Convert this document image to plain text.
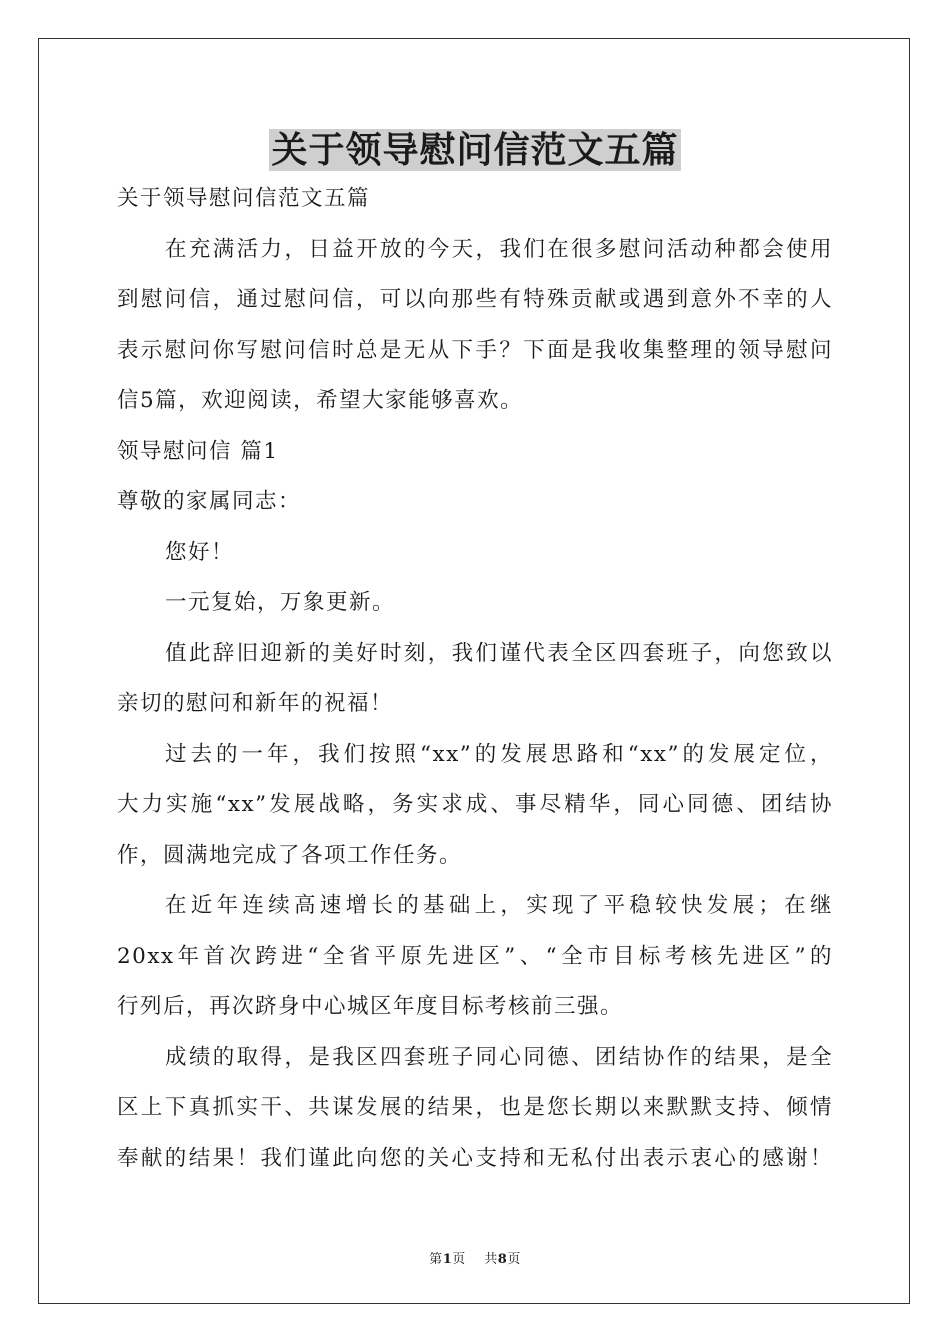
关于领导慰问信范文五篇
关于领导慰问信范文五篇
在充满活力，日益开放的今天，我们在很多慰问活动种都会使用
到慰问信，通过慰问信，可以向那些有特殊贡献或遇到意外不幸的人
表示慰问你写慰问信时总是无从下手？下面是我收集整理的领导慰问
信5篇，欢迎阅读，希望大家能够喜欢。
领导慰问信 篇1
尊敬的家属同志：
您好！
一元复始，万象更新。
值此辞旧迎新的美好时刻，我们谨代表全区四套班子，向您致以
亲切的慰问和新年的祝福！
过去的一年，我们按照“xx”的发展思路和“xx”的发展定位，
大力实施“xx”发展战略，务实求成、事尽精华，同心同德、团结协
作，圆满地完成了各项工作任务。
在近年连续高速增长的基础上，实现了平稳较快发展；在继
20xx年首次跨进“全省平原先进区”、“全市目标考核先进区”的
行列后，再次跻身中心城区年度目标考核前三强。
成绩的取得，是我区四套班子同心同德、团结协作的结果，是全
区上下真抓实干、共谋发展的结果，也是您长期以来默默支持、倾情
奉献的结果！我们谨此向您的关心支持和无私付出表示衷心的感谢！
第1页    共8页
